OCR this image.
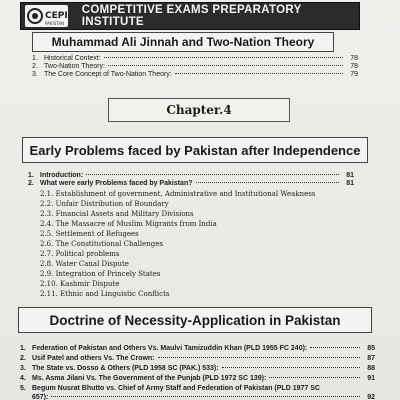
CEPI
PAKISTAN
COMPETITIVE EXAMS PREPARATORY INSTITUTE
Muhammad Ali Jinnah and Two-Nation Theory
1. Historical Context:	78
2. Two-Nation Theory:	78
3. The Core Concept of Two-Nation Theory:	79
Chapter.4
Early Problems faced by Pakistan after Independence
1. Introduction:	81
2. What were early Problems faced by Pakistan?	81
2.1. Establishment of government, Administrative and Institutional Weakness
2.2. Unfair Distribution of Boundary
2.3. Financial Assets and Military Divisions
2.4. The Massacre of Muslim Migrants from India
2.5. Settlement of Refugees
2.6. The Constitutional Challenges
2.7. Political problems
2.8. Water Canal Dispute
2.9. Integration of Princely States
2.10. Kashmir Dispute
2.11. Ethnic and Linguistic Conflicts
Doctrine of Necessity-Application in Pakistan
1. Federation of Pakistan and Others Vs. Maulvi Tamizuddin Khan (PLD 1955 FC 240):	85
2. Usif Patel and others Vs. The Crown:	87
3. The State vs. Dosso & Others (PLD 1958 SC (PAK.) 533):	88
4. Ms. Asma Jilani Vs. The Government of the Punjab (PLD 1972 SC 139):	91
5. Begum Nusrat Bhutto vs. Chief of Army Staff and Federation of Pakistan (PLD 1977 SC
657):	92
